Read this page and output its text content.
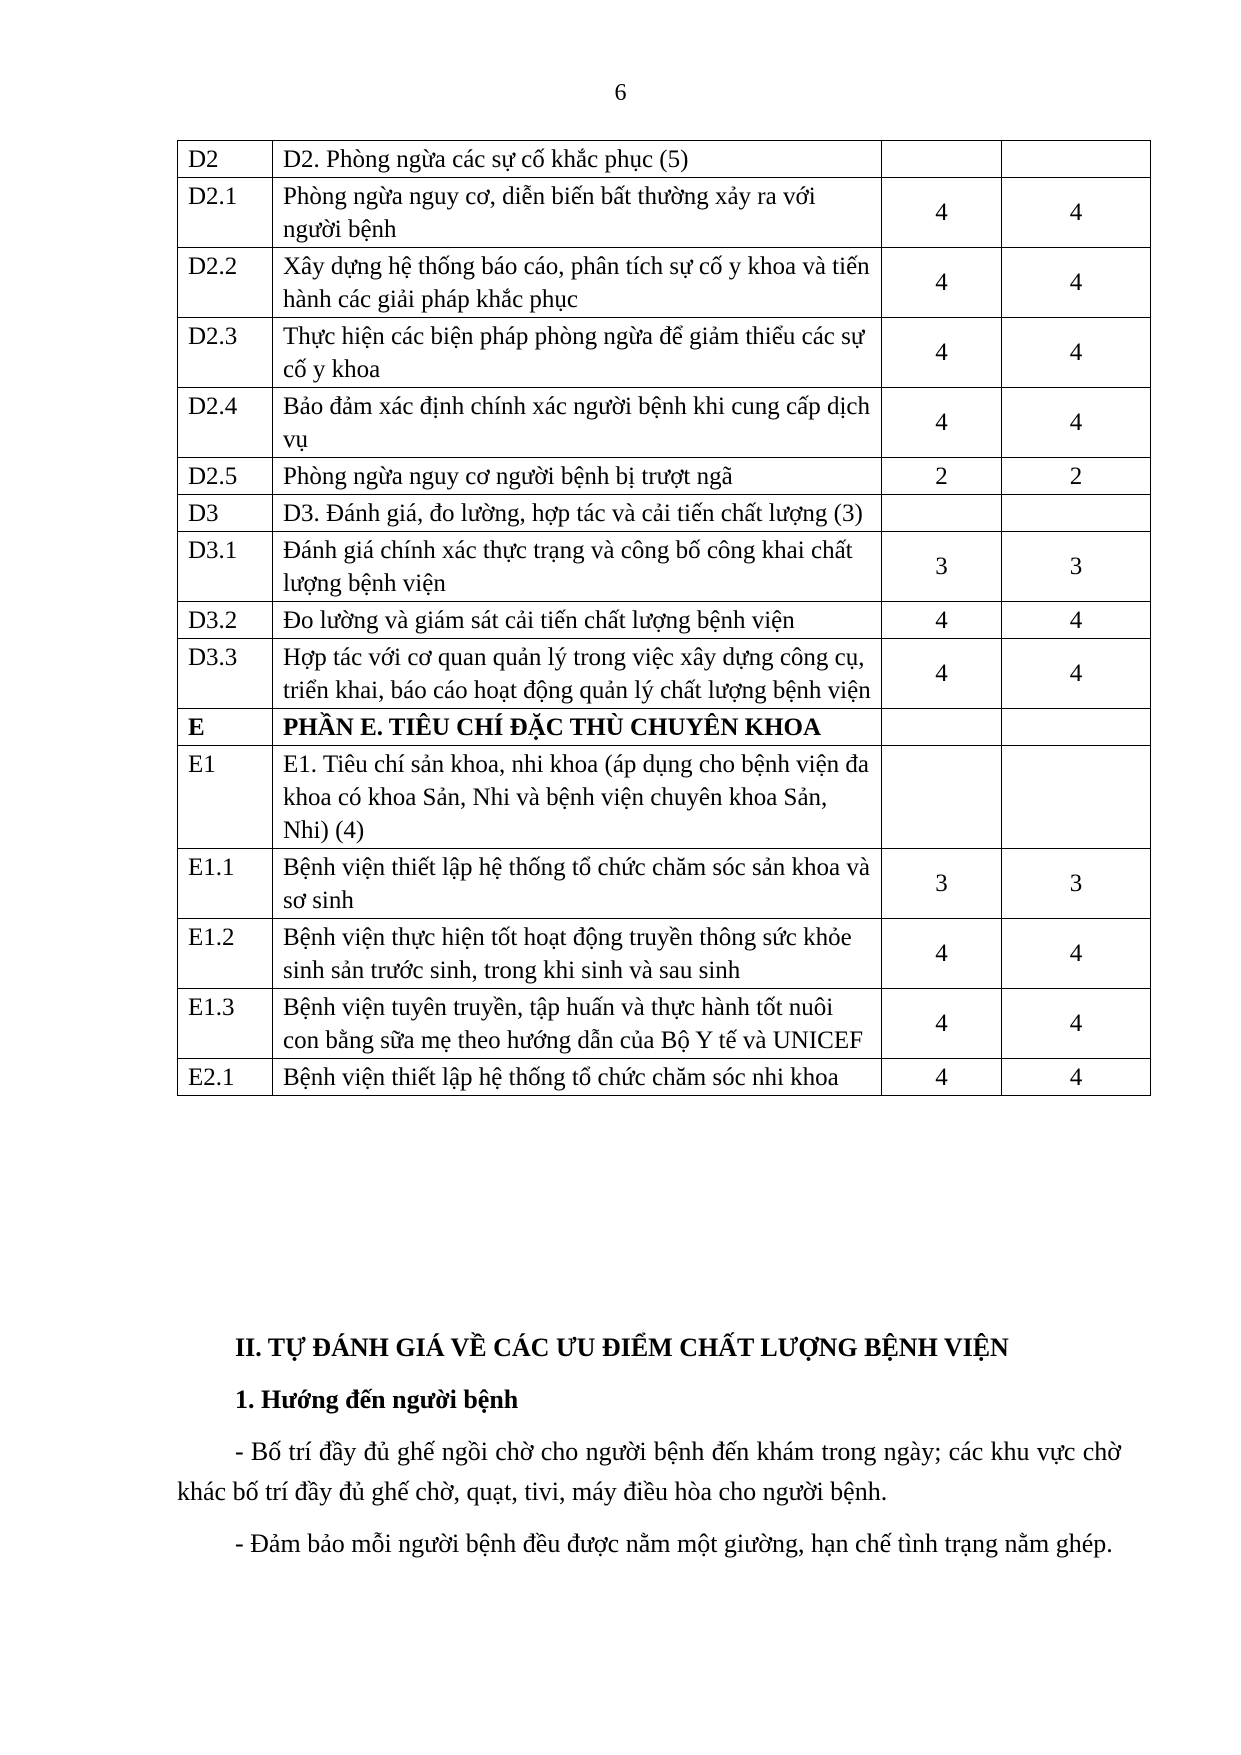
6
D2	D2. Phòng ngừa các sự cố khắc phục (5)		
D2.1	Phòng ngừa nguy cơ, diễn biến bất thường xảy ra với người bệnh	4	4
D2.2	Xây dựng hệ thống báo cáo, phân tích sự cố y khoa và tiến hành các giải pháp khắc phục	4	4
D2.3	Thực hiện các biện pháp phòng ngừa để giảm thiểu các sự cố y khoa	4	4
D2.4	Bảo đảm xác định chính xác người bệnh khi cung cấp dịch vụ	4	4
D2.5	Phòng ngừa nguy cơ người bệnh bị trượt ngã	2	2
D3	D3. Đánh giá, đo lường, hợp tác và cải tiến chất lượng (3)		
D3.1	Đánh giá chính xác thực trạng và công bố công khai chất lượng bệnh viện	3	3
D3.2	Đo lường và giám sát cải tiến chất lượng bệnh viện	4	4
D3.3	Hợp tác với cơ quan quản lý trong việc xây dựng công cụ, triển khai, báo cáo hoạt động quản lý chất lượng bệnh viện	4	4
E	PHẦN E. TIÊU CHÍ ĐẶC THÙ CHUYÊN KHOA		
E1	E1. Tiêu chí sản khoa, nhi khoa (áp dụng cho bệnh viện đa khoa có khoa Sản, Nhi và bệnh viện chuyên khoa Sản, Nhi) (4)		
E1.1	Bệnh viện thiết lập hệ thống tổ chức chăm sóc sản khoa và sơ sinh	3	3
E1.2	Bệnh viện thực hiện tốt hoạt động truyền thông sức khỏe sinh sản trước sinh, trong khi sinh và sau sinh	4	4
E1.3	Bệnh viện tuyên truyền, tập huấn và thực hành tốt nuôi con bằng sữa mẹ theo hướng dẫn của Bộ Y tế và UNICEF	4	4
E2.1	Bệnh viện thiết lập hệ thống tổ chức chăm sóc nhi khoa	4	4
II. TỰ ĐÁNH GIÁ VỀ CÁC ƯU ĐIỂM CHẤT LƯỢNG BỆNH VIỆN
1. Hướng đến người bệnh
- Bố trí đầy đủ ghế ngồi chờ cho người bệnh đến khám trong ngày; các khu vực chờ khác bố trí đầy đủ ghế chờ, quạt, tivi, máy điều hòa cho người bệnh.
- Đảm bảo mỗi người bệnh đều được nằm một giường, hạn chế tình trạng nằm ghép.
